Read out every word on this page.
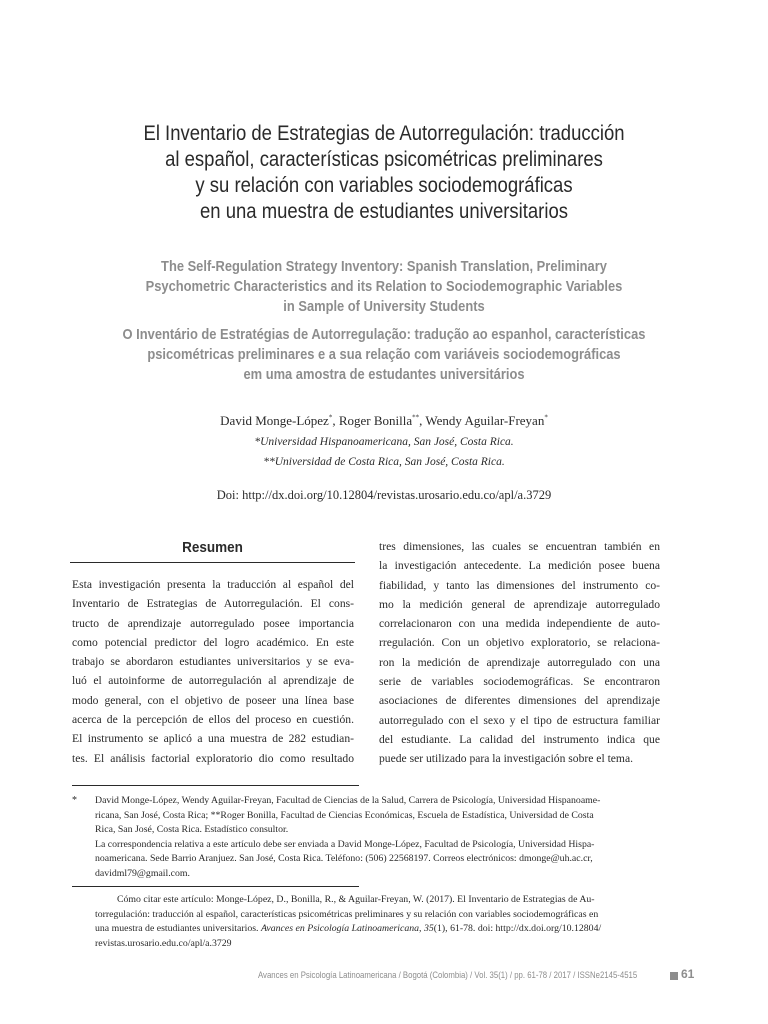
El Inventario de Estrategias de Autorregulación: traducción
al español, características psicométricas preliminares
y su relación con variables sociodemográficas
en una muestra de estudiantes universitarios
The Self-Regulation Strategy Inventory: Spanish Translation, Preliminary
Psychometric Characteristics and its Relation to Sociodemographic Variables
in Sample of University Students
O Inventário de Estratégias de Autorregulação: tradução ao espanhol, características
psicométricas preliminares e a sua relação com variáveis sociodemográficas
em uma amostra de estudantes universitários
David Monge-López*, Roger Bonilla**, Wendy Aguilar-Freyan*
*Universidad Hispanoamericana, San José, Costa Rica.
**Universidad de Costa Rica, San José, Costa Rica.
Doi: http://dx.doi.org/10.12804/revistas.urosario.edu.co/apl/a.3729
Resumen
Esta investigación presenta la traducción al español del
Inventario de Estrategias de Autorregulación. El cons-
tructo de aprendizaje autorregulado posee importancia
como potencial predictor del logro académico. En este
trabajo se abordaron estudiantes universitarios y se eva-
luó el autoinforme de autorregulación al aprendizaje de
modo general, con el objetivo de poseer una línea base
acerca de la percepción de ellos del proceso en cuestión.
El instrumento se aplicó a una muestra de 282 estudian-
tes. El análisis factorial exploratorio dio como resultado
tres dimensiones, las cuales se encuentran también en
la investigación antecedente. La medición posee buena
fiabilidad, y tanto las dimensiones del instrumento co-
mo la medición general de aprendizaje autorregulado
correlacionaron con una medida independiente de auto-
rregulación. Con un objetivo exploratorio, se relaciona-
ron la medición de aprendizaje autorregulado con una
serie de variables sociodemográficas. Se encontraron
asociaciones de diferentes dimensiones del aprendizaje
autorregulado con el sexo y el tipo de estructura familiar
del estudiante. La calidad del instrumento indica que
puede ser utilizado para la investigación sobre el tema.
* David Monge-López, Wendy Aguilar-Freyan, Facultad de Ciencias de la Salud, Carrera de Psicología, Universidad Hispanoame-
ricana, San José, Costa Rica; **Roger Bonilla, Facultad de Ciencias Económicas, Escuela de Estadística, Universidad de Costa
Rica, San José, Costa Rica. Estadístico consultor.
La correspondencia relativa a este artículo debe ser enviada a David Monge-López, Facultad de Psicología, Universidad Hispa-
noamericana. Sede Barrio Aranjuez. San José, Costa Rica. Teléfono: (506) 22568197. Correos electrónicos: dmonge@uh.ac.cr,
davidml79@gmail.com.
Cómo citar este artículo: Monge-López, D., Bonilla, R., & Aguilar-Freyan, W. (2017). El Inventario de Estrategias de Au-
torregulación: traducción al español, características psicométricas preliminares y su relación con variables sociodemográficas en
una muestra de estudiantes universitarios. Avances en Psicología Latinoamericana, 35(1), 61-78. doi: http://dx.doi.org/10.12804/
revistas.urosario.edu.co/apl/a.3729
Avances en Psicología Latinoamericana / Bogotá (Colombia) / Vol. 35(1) / pp. 61-78 / 2017 / ISSNe2145-4515	61
